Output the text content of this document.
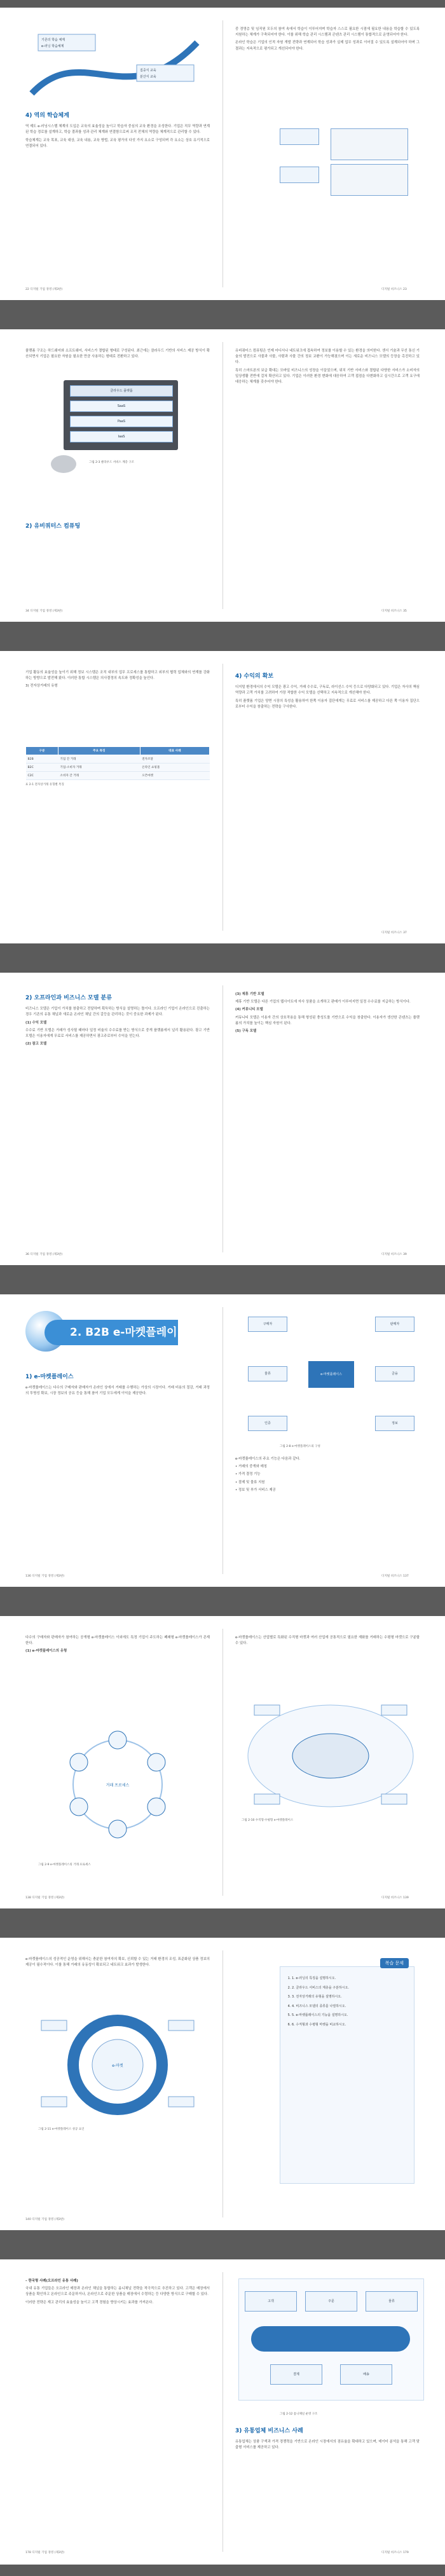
기존의 학습 체계
e-러닝 학습체계
집중식 교육
분산식 교육
4) 역의 학습체계

역 제도 e-러닝시스템 체계의 도입은 교육의 효율성을 높이고 학습자 중심의 교육 환경을 조성한다. 기업은 직무 역량과 연계된 학습 경로를 설계하고, 학습 결과를 성과 관리 체계와 연결함으로써 조직 전체의 역량을 체계적으로 관리할 수 있다.

학습체계는 교육 목표, 교육 대상, 교육 내용, 교육 방법, 교육 평가의 다섯 가지 요소로 구성되며 각 요소는 상호 유기적으로 연결되어 있다.

중 경영층 및 임직원 모두의 참여 속에서 학습이 이루어지며 학습자 스스로 필요한 시점에 필요한 내용을 학습할 수 있도록 지원하는 체계가 구축되어야 한다. 이를 위해 학습 관리 시스템과 콘텐츠 관리 시스템이 통합적으로 운영되어야 한다.

온라인 학습은 기업의 인적 자원 개발 전략과 연계되어 학습 성과가 실제 업무 성과로 이어질 수 있도록 설계되어야 하며 그 결과는 지속적으로 평가되고 개선되어야 한다.

22 디지털 기업 경영 (제3판)	디지털 비즈니스 23

플랫폼 구조는 하드웨어와 소프트웨어, 서비스가 결합된 형태로 구성된다. 최근에는 클라우드 기반의 서비스 제공 방식이 확산되면서 기업은 필요한 자원을 필요한 만큼 사용하는 형태로 전환하고 있다.

클라우드 플랫폼
SaaS
PaaS
IaaS
그림 2-3 클라우드 서비스 계층 구조
2) 유비쿼터스 컴퓨팅

유비쿼터스 컴퓨팅은 언제 어디서나 네트워크에 접속하여 정보를 이용할 수 있는 환경을 의미한다. 센서 기술과 무선 통신 기술의 발전으로 사물과 사물, 사람과 사물 간의 정보 교환이 가능해졌으며 이는 새로운 비즈니스 모델의 등장을 촉진하고 있다.

특히 스마트폰의 보급 확대는 모바일 비즈니스의 성장을 이끌었으며, 위치 기반 서비스와 결합된 다양한 서비스가 소비자의 일상생활 전반에 걸쳐 확산되고 있다. 기업은 이러한 환경 변화에 대응하여 고객 접점을 다변화하고 실시간으로 고객 요구에 대응하는 체계를 갖추어야 한다.

34 디지털 기업 경영 (제3판)	디지털 비즈니스 35

기업 활동의 효율성을 높이기 위해 정보 시스템은 조직 내부의 업무 프로세스를 통합하고 외부의 협력 업체와의 연계를 강화하는 방향으로 발전해 왔다. 이러한 통합 시스템은 의사결정의 속도와 정확성을 높인다.

3) 전자상거래의 유형

구분	주요 특징	대표 사례
B2B	기업 간 거래	전자조달
B2C	기업-소비자 거래	온라인 쇼핑몰
C2C	소비자 간 거래	오픈마켓
표 2-1 전자상거래 유형별 특징
4) 수익의 확보

디지털 환경에서의 수익 모델은 광고 수익, 거래 수수료, 구독료, 라이선스 수익 등으로 다양화되고 있다. 기업은 자사의 핵심 역량과 고객 가치를 고려하여 가장 적합한 수익 모델을 선택하고 지속적으로 개선해야 한다.

특히 플랫폼 기업은 양면 시장의 특성을 활용하여 한쪽 이용자 집단에게는 무료로 서비스를 제공하고 다른 쪽 이용자 집단으로부터 수익을 창출하는 전략을 구사한다.

디지털 비즈니스 37
2) 오프라인과 비즈니스 모델 분류

비즈니스 모델은 기업이 가치를 창출하고 전달하며 획득하는 방식을 설명하는 틀이다. 오프라인 기업이 온라인으로 진출하는 경우 기존의 유통 채널과 새로운 온라인 채널 간의 갈등을 관리하는 것이 중요한 과제가 된다.

(1) 수익 모델

수수료 기반 모델은 거래가 성사될 때마다 일정 비율의 수수료를 받는 방식으로 중개 플랫폼에서 널리 활용된다. 광고 기반 모델은 이용자에게 무료로 서비스를 제공하면서 광고주로부터 수익을 얻는다.

(2) 참고 모델

(3) 제휴 기반 모델

제휴 기반 모델은 다른 기업의 웹사이트에 자사 상품을 소개하고 판매가 이루어지면 일정 수수료를 지급하는 방식이다.

(4) 커뮤니티 모델

커뮤니티 모델은 이용자 간의 상호작용을 통해 형성된 충성도를 기반으로 수익을 창출한다. 이용자가 생산한 콘텐츠는 플랫폼의 가치를 높이는 핵심 자원이 된다.

(5) 구독 모델

36 디지털 기업 경영 (제3판)	디지털 비즈니스 39
2. B2B e-마켓플레이스
1) e-마켓플레이스

e-마켓플레이스는 다수의 구매자와 판매자가 온라인 상에서 거래를 수행하는 가상의 시장이다. 거래 비용의 절감, 거래 과정의 투명성 확보, 시장 정보의 공유 등을 통해 참여 기업 모두에게 이익을 제공한다.

e-마켓플레이스
구매자	판매자
물류	금융
인증	정보
그림 2-8 e-마켓플레이스의 구성

e-마켓플레이스의 주요 기능은 다음과 같다.

• 거래의 중개와 매칭

• 가격 결정 기능

• 결제 및 물류 지원

• 정보 및 부가 서비스 제공

136 디지털 기업 경영 (제3판)	디지털 비즈니스 137

다수의 구매자와 판매자가 참여하는 공개형 e-마켓플레이스 이외에도 특정 기업이 주도하는 폐쇄형 e-마켓플레이스가 존재한다.

(1) e-마켓플레이스의 유형

거래 프로세스
그림 2-9 e-마켓플레이스의 거래 프로세스

e-마켓플레이스는 산업별로 특화된 수직형 마켓과 여러 산업에 공통적으로 필요한 재화를 거래하는 수평형 마켓으로 구분할 수 있다.

그림 2-10 수직형·수평형 e-마켓플레이스
138 디지털 기업 경영 (제3판)	디지털 비즈니스 139

e-마켓플레이스의 성공적인 운영을 위해서는 충분한 참여자의 확보, 신뢰할 수 있는 거래 환경의 조성, 표준화된 상품 정보의 제공이 필수적이다. 이를 통해 거래의 유동성이 확보되고 네트워크 효과가 발생한다.

e-마켓
그림 2-11 e-마켓플레이스 성공 요인
복습 문제
1. 1. e-러닝의 특징을 설명하시오.
2. 2. 클라우드 서비스의 계층을 구분하시오.
3. 3. 전자상거래의 유형을 설명하시오.
4. 4. 비즈니스 모델의 종류를 나열하시오.
5. 5. e-마켓플레이스의 기능을 설명하시오.
6. 6. 수직형과 수평형 마켓을 비교하시오.
140 디지털 기업 경영 (제3판)

– 한국형 사례(오프라인 유통 사례)

국내 유통 기업들은 오프라인 매장과 온라인 채널을 통합하는 옴니채널 전략을 적극적으로 추진하고 있다. 고객은 매장에서 상품을 확인하고 온라인으로 주문하거나, 온라인으로 주문한 상품을 매장에서 수령하는 등 다양한 방식으로 구매할 수 있다.

이러한 전략은 재고 관리의 효율성을 높이고 고객 경험을 향상시키는 효과를 가져온다.	고객	주문	물류
결제	배송
그림 2-12 옴니채널 운영 구조
3) 유통업체 비즈니스 사례

유통업체는 상품 구색과 가격 경쟁력을 기반으로 온라인 시장에서의 점유율을 확대하고 있으며, 데이터 분석을 통해 고객 맞춤형 서비스를 제공하고 있다.

178 디지털 기업 경영 (제3판)	디지털 비즈니스 179
